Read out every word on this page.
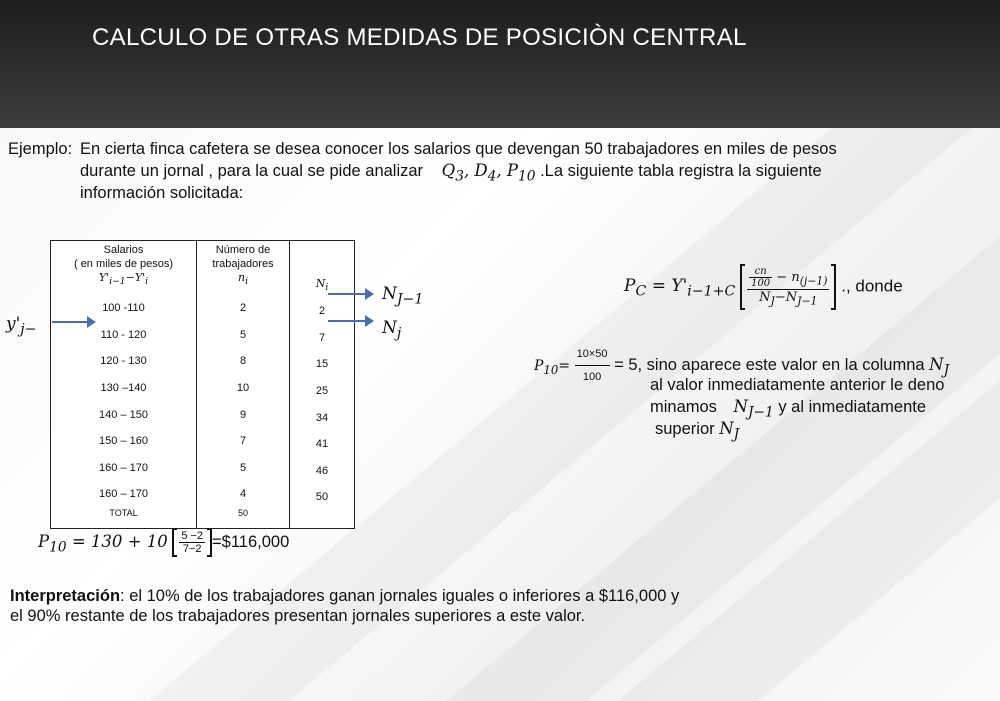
CALCULO DE OTRAS MEDIDAS DE POSICIÒN CENTRAL
Ejemplo: En cierta finca cafetera se desea conocer los salarios que devengan 50 trabajadores en miles de pesos
durante un jornal , para la cual se pide analizar $Q_3$, $D_4$, $P_{10}$ .La siguiente tabla registra la siguiente
información solicitada:
Salarios
( en miles de pesos)
$Y'_{i-1}-Y'_i$	Número de
trabajadores
$n_i$	$N_i$
100 -110	2	2
110 - 120	5	7
120 - 130	8	15
130 –140	10	25
140 – 150	9	34
150 – 160	7	41
160 – 170	5	46
160 – 170	4	50
TOTAL	50	
$y'_{j-}$
$N_{J-1}$
$N_j$
$P_C = Y'_{i-1+C} \frac{\frac{cn}{100} - n_{(j-1)}}{N_J-N_{J-1}}$ ., donde
$P_{10}= \frac{10\times 50}{100} = 5$, sino aparece este valor en la columna $N_J$
al valor inmediatamente anterior le deno
minamos $N_{J-1}$ y al inmediatamente
superior $N_J$
$P_{10} = 130 + 10 \frac{5 -2}{7-2}$ =$116,000
Interpretación: el 10% de los trabajadores ganan jornales iguales o inferiores a $116,000 y
el 90% restante de los trabajadores presentan jornales superiores a este valor.
